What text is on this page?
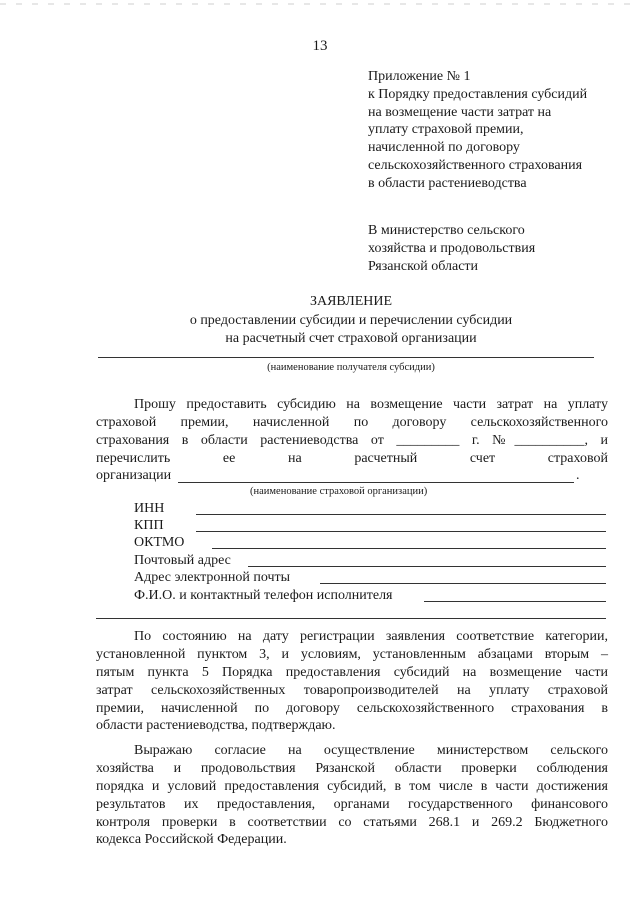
13
Приложение № 1
к Порядку предоставления субсидий
на возмещение части затрат на
уплату страховой премии,
начисленной по договору
сельскохозяйственного страхования
в области растениеводства
В министерство сельского
хозяйства и продовольствия
Рязанской области
ЗАЯВЛЕНИЕ
о предоставлении субсидии и перечислении субсидии
на расчетный счет страховой организации
(наименование получателя субсидии)
Прошу предоставить субсидию на возмещение части затрат на уплату
страховой премии, начисленной по договору сельскохозяйственного
страхования в области растениеводства от _________ г. №__________, и
перечислить ее на расчетный счет страховой
организации	.
(наименование страховой организации)
ИНН
КПП
ОКТМО
Почтовый адрес
Адрес электронной почты
Ф.И.О. и контактный телефон исполнителя
По состоянию на дату регистрации заявления соответствие категории,
установленной пунктом 3, и условиям, установленным абзацами вторым –
пятым пункта 5 Порядка предоставления субсидий на возмещение части
затрат сельскохозяйственных товаропроизводителей на уплату страховой
премии, начисленной по договору сельскохозяйственного страхования в
области растениеводства, подтверждаю.
Выражаю согласие на осуществление министерством сельского
хозяйства и продовольствия Рязанской области проверки соблюдения
порядка и условий предоставления субсидий, в том числе в части достижения
результатов их предоставления, органами государственного финансового
контроля проверки в соответствии со статьями 268.1 и 269.2 Бюджетного
кодекса Российской Федерации.
